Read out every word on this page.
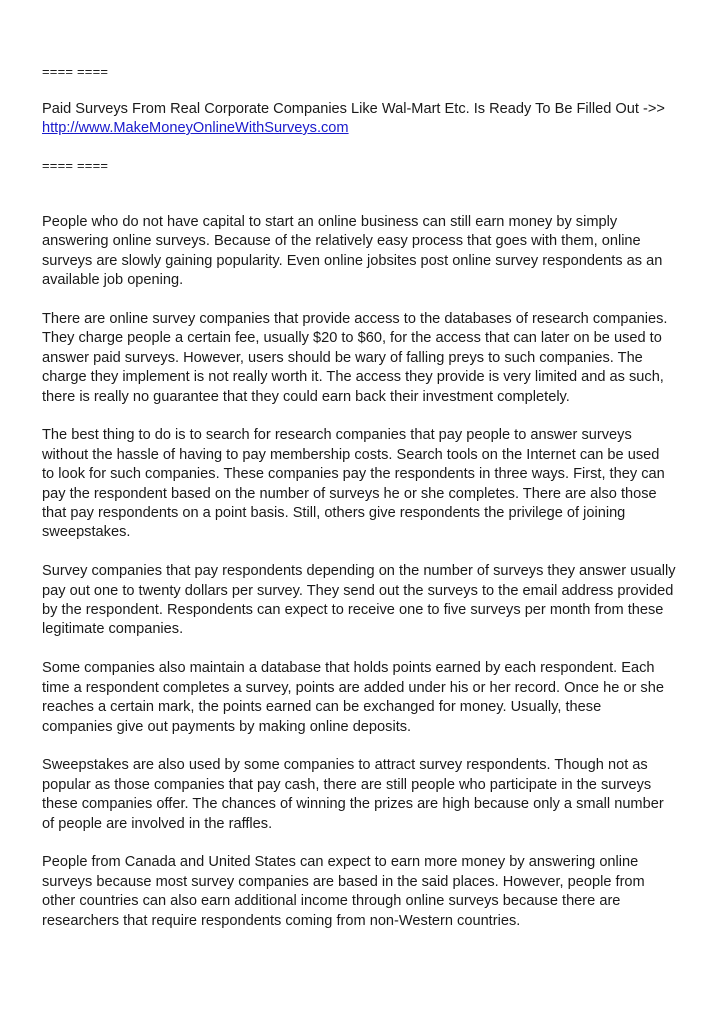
==== ====

Paid Surveys From Real Corporate Companies Like Wal-Mart Etc. Is Ready To Be Filled Out ->>

http://www.MakeMoneyOnlineWithSurveys.com

==== ====

People who do not have capital to start an online business can still earn money by simply
answering online surveys. Because of the relatively easy process that goes with them, online
surveys are slowly gaining popularity. Even online jobsites post online survey respondents as an
available job opening.

There are online survey companies that provide access to the databases of research companies.
They charge people a certain fee, usually $20 to $60, for the access that can later on be used to
answer paid surveys. However, users should be wary of falling preys to such companies. The
charge they implement is not really worth it. The access they provide is very limited and as such,
there is really no guarantee that they could earn back their investment completely.

The best thing to do is to search for research companies that pay people to answer surveys
without the hassle of having to pay membership costs. Search tools on the Internet can be used
to look for such companies. These companies pay the respondents in three ways. First, they can
pay the respondent based on the number of surveys he or she completes. There are also those
that pay respondents on a point basis. Still, others give respondents the privilege of joining
sweepstakes.

Survey companies that pay respondents depending on the number of surveys they answer usually
pay out one to twenty dollars per survey. They send out the surveys to the email address provided
by the respondent. Respondents can expect to receive one to five surveys per month from these
legitimate companies.

Some companies also maintain a database that holds points earned by each respondent. Each
time a respondent completes a survey, points are added under his or her record. Once he or she
reaches a certain mark, the points earned can be exchanged for money. Usually, these
companies give out payments by making online deposits.

Sweepstakes are also used by some companies to attract survey respondents. Though not as
popular as those companies that pay cash, there are still people who participate in the surveys
these companies offer. The chances of winning the prizes are high because only a small number
of people are involved in the raffles.

People from Canada and United States can expect to earn more money by answering online
surveys because most survey companies are based in the said places. However, people from
other countries can also earn additional income through online surveys because there are
researchers that require respondents coming from non-Western countries.
